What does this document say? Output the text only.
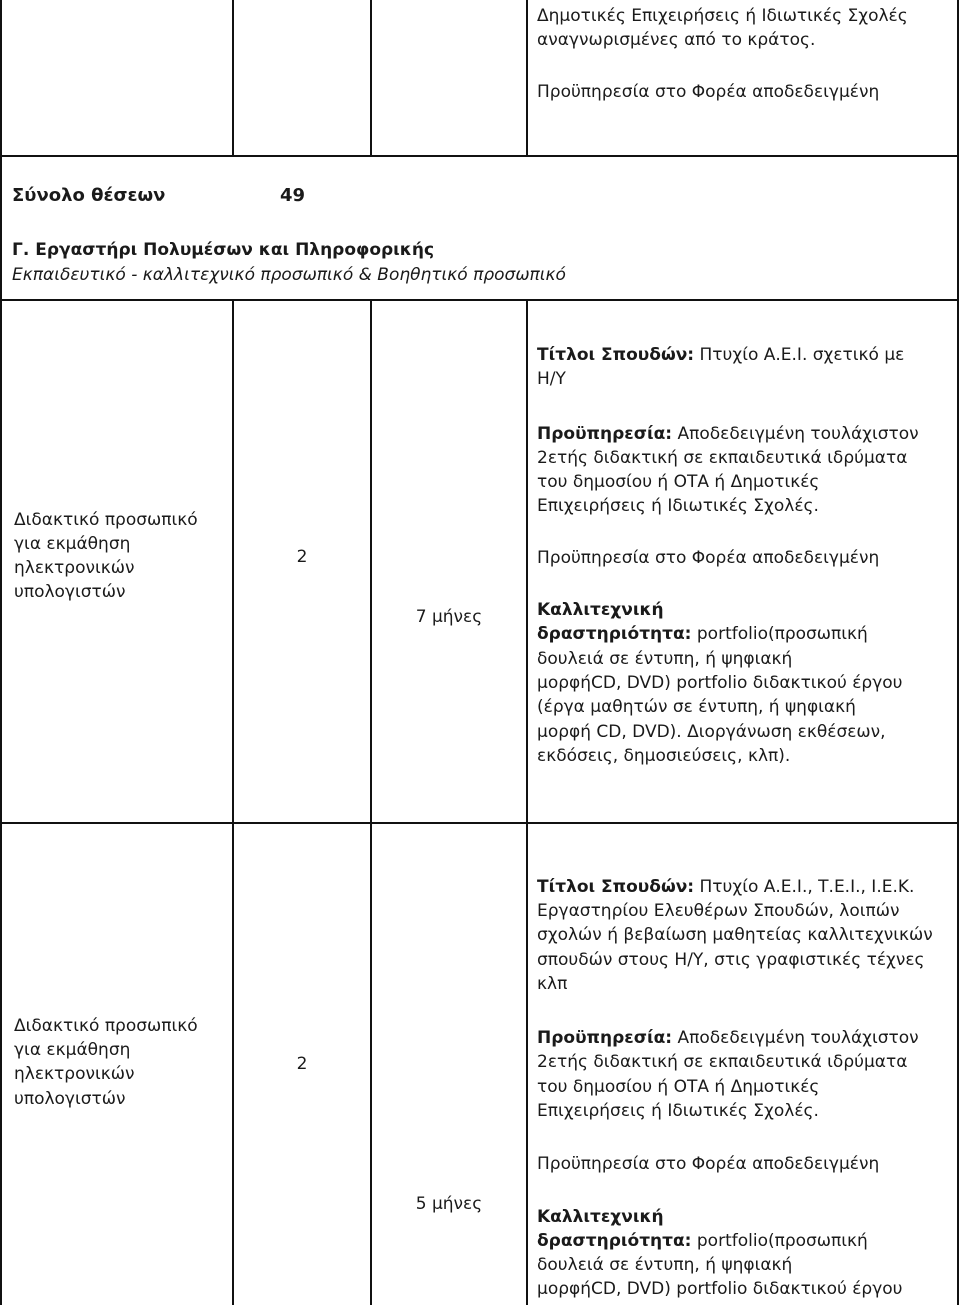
Δημοτικές Επιχειρήσεις ή Ιδιωτικές Σχολές
αναγνωρισμένες από το κράτος.
Προϋπηρεσία στο Φορέα αποδεδειγμένη
Σύνολο θέσεων	49
Γ. Εργαστήρι Πολυμέσων και Πληροφορικής
Εκπαιδευτικό - καλλιτεχνικό προσωπικό & Βοηθητικό προσωπικό
Διδακτικό προσωπικό
για εκμάθηση
ηλεκτρονικών
υπολογιστών
2
7 μήνες
Τίτλοι Σπουδών: Πτυχίο Α.Ε.Ι. σχετικό με
Η/Υ
Προϋπηρεσία: Αποδεδειγμένη τουλάχιστον
2ετής διδακτική σε εκπαιδευτικά ιδρύματα
του δημοσίου ή ΟΤΑ ή Δημοτικές
Επιχειρήσεις ή Ιδιωτικές Σχολές.
Προϋπηρεσία στο Φορέα αποδεδειγμένη
Καλλιτεχνική
δραστηριότητα: portfolio(προσωπική
δουλειά σε έντυπη, ή ψηφιακή
μορφήCD, DVD) portfolio διδακτικού έργου
(έργα μαθητών σε έντυπη, ή ψηφιακή
μορφή CD, DVD). Διοργάνωση εκθέσεων,
εκδόσεις, δημοσιεύσεις, κλπ).
Διδακτικό προσωπικό
για εκμάθηση
ηλεκτρονικών
υπολογιστών
2
5 μήνες
Τίτλοι Σπουδών: Πτυχίο Α.Ε.Ι., Τ.Ε.Ι., Ι.Ε.Κ.
Εργαστηρίου Ελευθέρων Σπουδών, λοιπών
σχολών ή βεβαίωση μαθητείας καλλιτεχνικών
σπουδών στους Η/Υ, στις γραφιστικές τέχνες
κλπ
Προϋπηρεσία: Αποδεδειγμένη τουλάχιστον
2ετής διδακτική σε εκπαιδευτικά ιδρύματα
του δημοσίου ή ΟΤΑ ή Δημοτικές
Επιχειρήσεις ή Ιδιωτικές Σχολές.
Προϋπηρεσία στο Φορέα αποδεδειγμένη
Καλλιτεχνική
δραστηριότητα: portfolio(προσωπική
δουλειά σε έντυπη, ή ψηφιακή
μορφήCD, DVD) portfolio διδακτικού έργου
